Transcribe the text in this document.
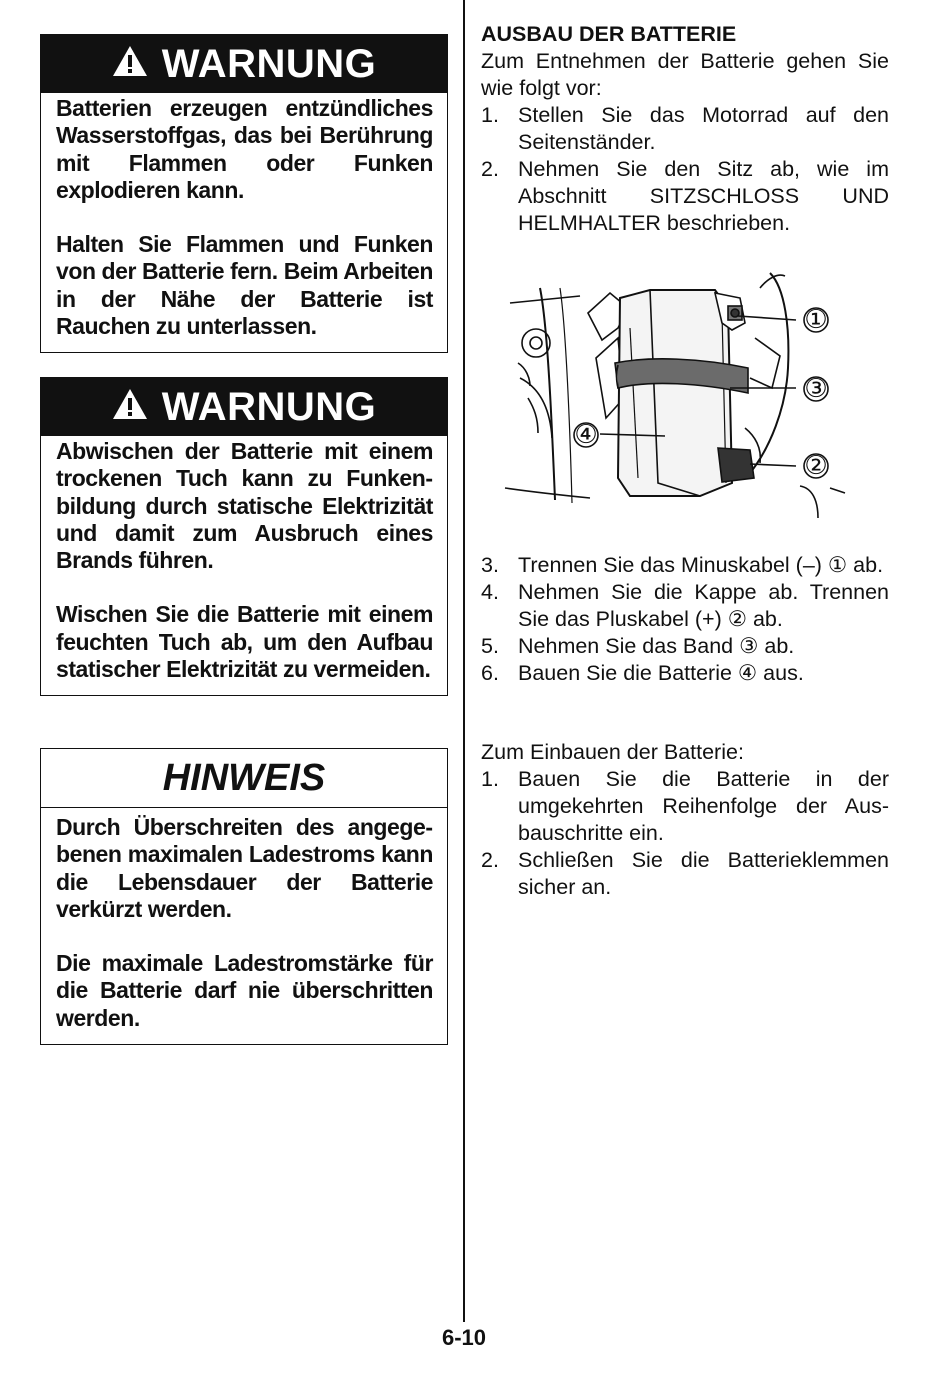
WARNUNG

Batterien erzeugen entzündliches Wasserstoffgas, das bei Berührung mit Flammen oder Funken explodieren kann.

Halten Sie Flammen und Funken von der Batterie fern. Beim Arbeiten in der Nähe der Batterie ist Rauchen zu unterlassen.

WARNUNG

Abwischen der Batterie mit einem trockenen Tuch kann zu Funkenbildung durch statische Elektrizität und damit zum Ausbruch eines Brands führen.

Wischen Sie die Batterie mit einem feuchten Tuch ab, um den Aufbau statischer Elektrizität zu vermeiden.

HINWEIS

Durch Überschreiten des angegebenen maximalen Ladestroms kann die Lebensdauer der Batterie verkürzt werden.

Die maximale Ladestromstärke für die Batterie darf nie überschritten werden.

AUSBAU DER BATTERIE

Zum Entnehmen der Batterie gehen Sie wie folgt vor:

1. Stellen Sie das Motorrad auf den Seitenständer.
2. Nehmen Sie den Sitz ab, wie im Abschnitt SITZSCHLOSS UND HELMHALTER beschrieben.
①
③
②
④
3. Trennen Sie das Minuskabel (–) ① ab.
4. Nehmen Sie die Kappe ab. Trennen Sie das Pluskabel (+) ② ab.
5. Nehmen Sie das Band ③ ab.
6. Bauen Sie die Batterie ④ aus.

Zum Einbauen der Batterie:

1. Bauen Sie die Batterie in der umgekehrten Reihenfolge der Ausbauschritte ein.
2. Schließen Sie die Batterieklemmen sicher an.
6-10
